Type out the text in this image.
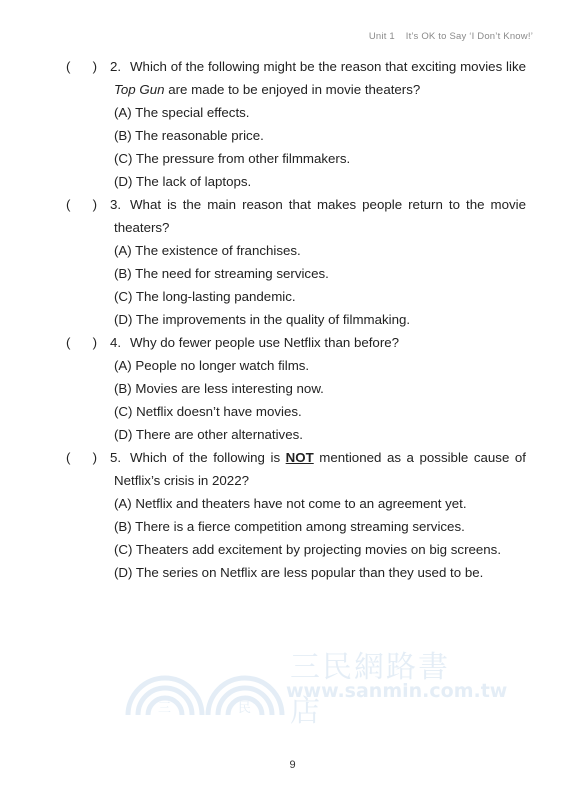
Unit 1 It’s OK to Say ‘I Don’t Know!’
(      ) 2. Which of the following might be the reason that exciting movies like
Top Gun are made to be enjoyed in movie theaters?
(A) The special effects.
(B) The reasonable price.
(C) The pressure from other filmmakers.
(D) The lack of laptops.
(      ) 3. What is the main reason that makes people return to the movie
theaters?
(A) The existence of franchises.
(B) The need for streaming services.
(C) The long-lasting pandemic.
(D) The improvements in the quality of filmmaking.
(      ) 4. Why do fewer people use Netflix than before?
(A) People no longer watch films.
(B) Movies are less interesting now.
(C) Netflix doesn’t have movies.
(D) There are other alternatives.
(      ) 5. Which of the following is NOT mentioned as a possible cause of
Netflix’s crisis in 2022?
(A) Netflix and theaters have not come to an agreement yet.
(B) There is a fierce competition among streaming services.
(C) Theaters add excitement by projecting movies on big screens.
(D) The series on Netflix are less popular than they used to be.
三	民
三民網路書店
www.sanmin.com.tw
9
